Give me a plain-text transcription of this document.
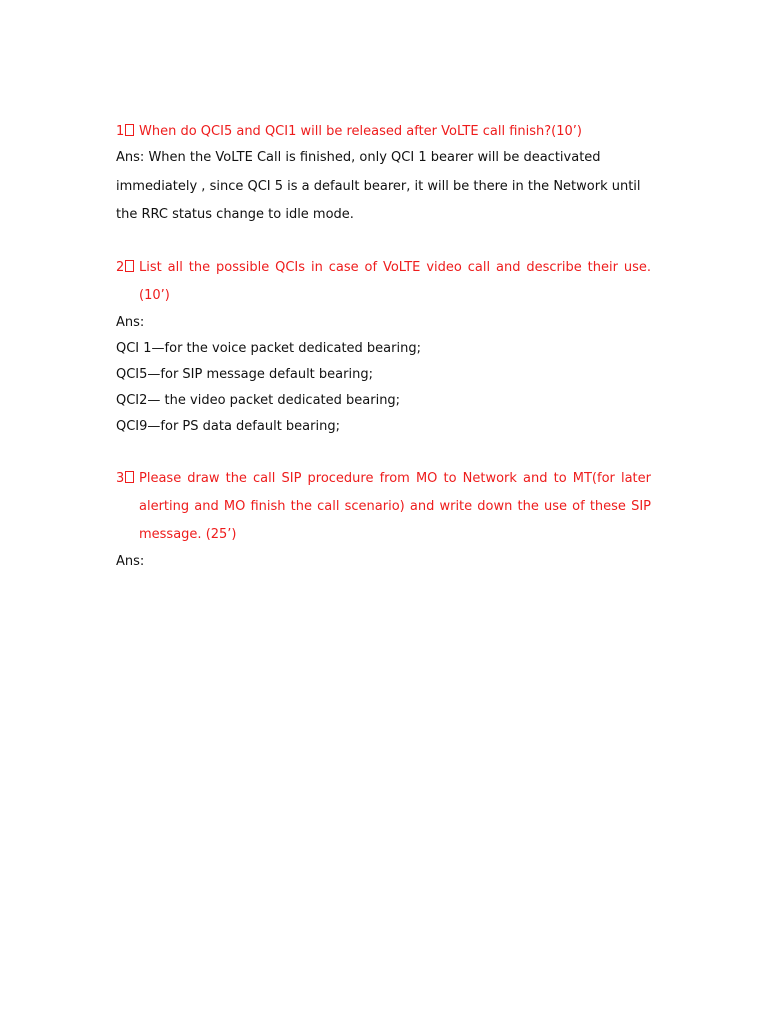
1	When do QCI5 and QCI1 will be released after VoLTE call finish?(10’)
Ans: When the VoLTE Call is finished, only QCI 1 bearer will be deactivated immediately , since QCI 5 is a default bearer, it will be there in the Network until the RRC status change to idle mode.
2	List all the possible QCIs in case of VoLTE video call and describe their use. (10’)
Ans:
QCI 1—for the voice packet dedicated bearing;
QCI5—for SIP message default bearing;
QCI2— the video packet dedicated bearing;
QCI9—for PS data default bearing;
3	Please draw the call SIP procedure from MO to Network and to MT(for later alerting and MO finish the call scenario) and write down the use of these SIP message. (25’)
Ans:
